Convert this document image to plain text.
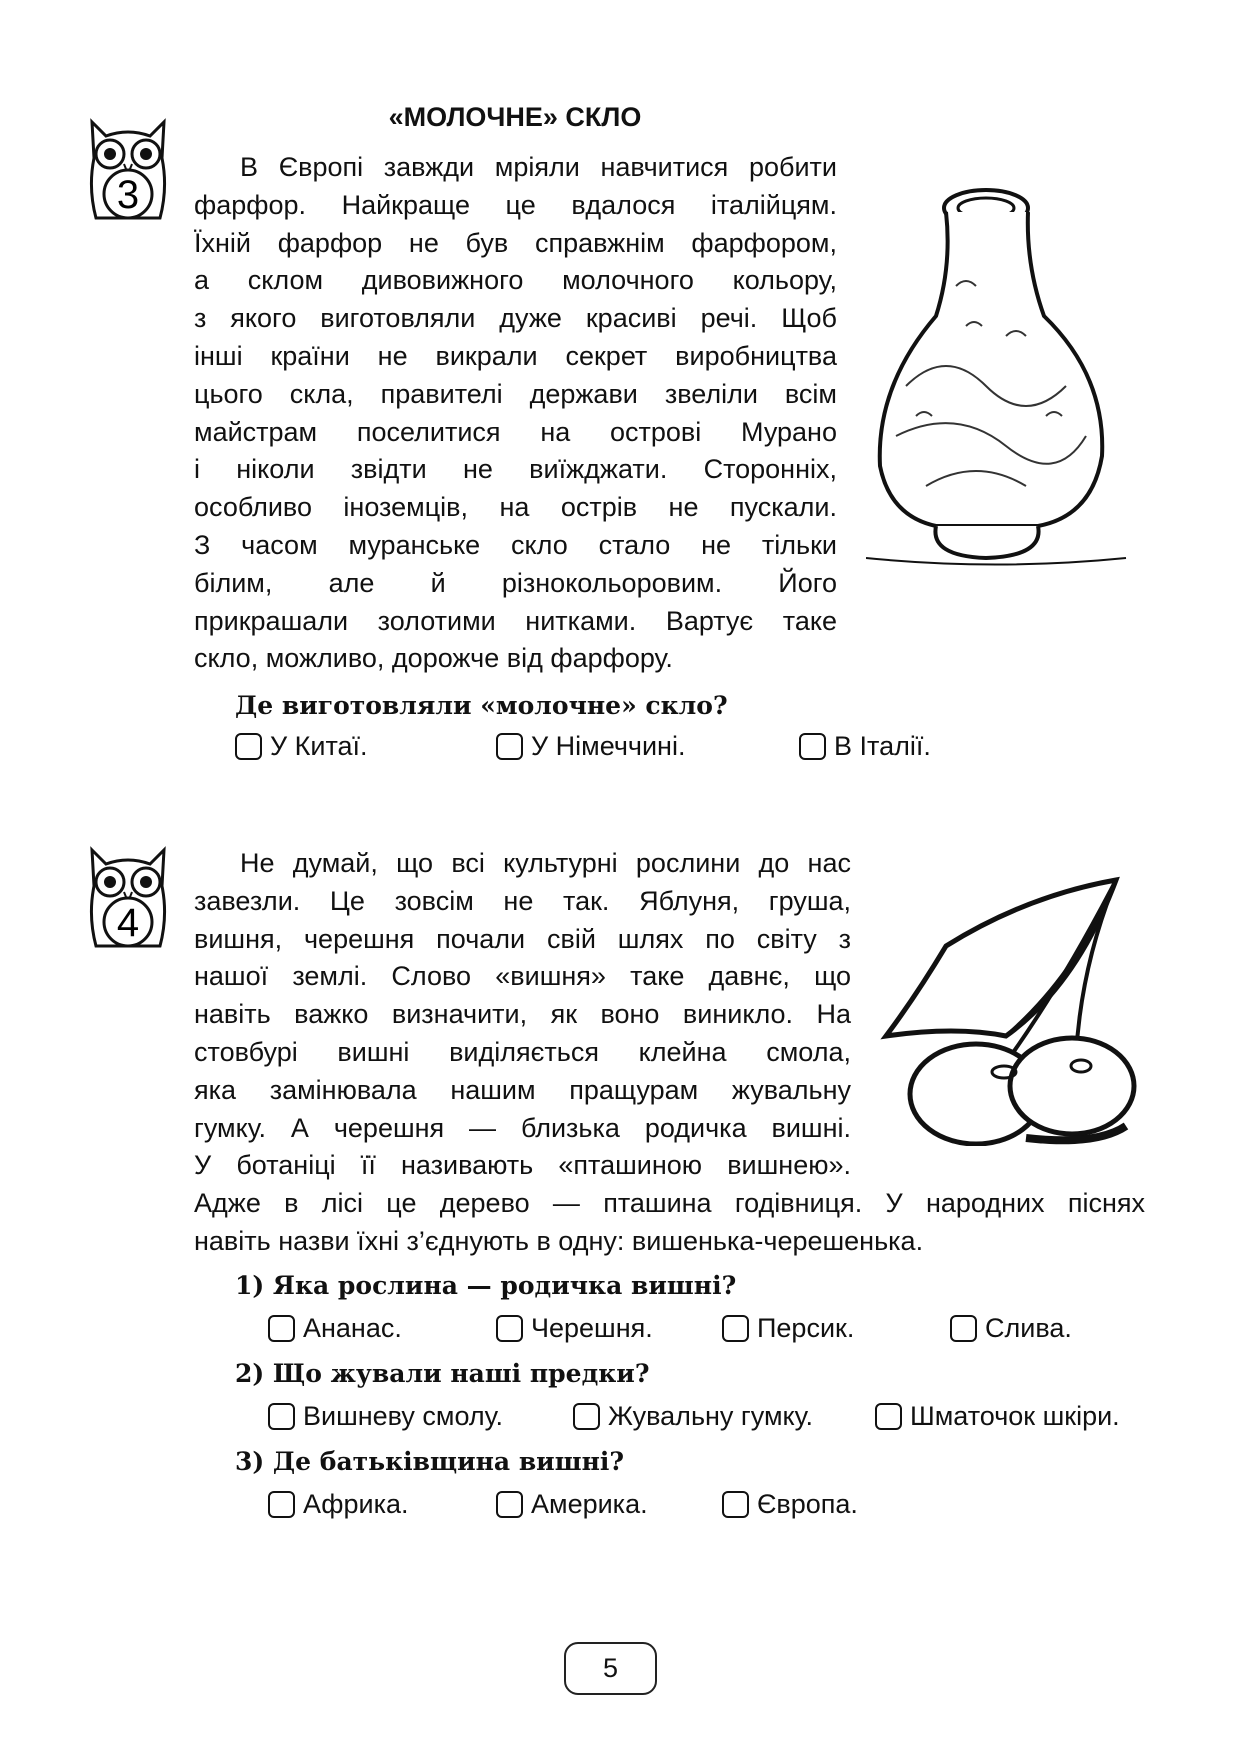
3
«МОЛОЧНЕ» СКЛО
В Європі завжди мріяли навчитися робити
фарфор. Найкраще це вдалося італійцям.
Їхній фарфор не був справжнім фарфором,
а склом дивовижного молочного кольору,
з якого виготовляли дуже красиві речі. Щоб
інші країни не викрали секрет виробництва
цього скла, правителі держави звеліли всім
майстрам поселитися на острові Мурано
і ніколи звідти не виїжджати. Сторонніх,
особливо іноземців, на острів не пускали.
З часом муранське скло стало не тільки
білим, але й різнокольоровим. Його
прикрашали золотими нитками. Вартує таке
скло, можливо, дорожче від фарфору.
Де виготовляли «молочне» скло?
У Китаї.	У Німеччині.	В Італії.
4
Не думай, що всі культурні рослини до нас
завезли. Це зовсім не так. Яблуня, груша,
вишня, черешня почали свій шлях по світу з
нашої землі. Слово «вишня» таке давнє, що
навіть важко визначити, як воно виникло. На
стовбурі вишні виділяється клейна смола,
яка замінювала нашим пращурам жувальну
гумку. А черешня — близька родичка вишні.
У ботаніці її називають «пташиною вишнею».
Адже в лісі це дерево — пташина годівниця. У народних піснях
навіть назви їхні з’єднують в одну: вишенька-черешенька.
1) Яка рослина — родичка вишні?
Ананас.	Черешня.	Персик.	Слива.
2) Що жували наші предки?
Вишневу смолу.	Жувальну гумку.	Шматочок шкіри.
3) Де батьківщина вишні?
Африка.	Америка.	Європа.
5
